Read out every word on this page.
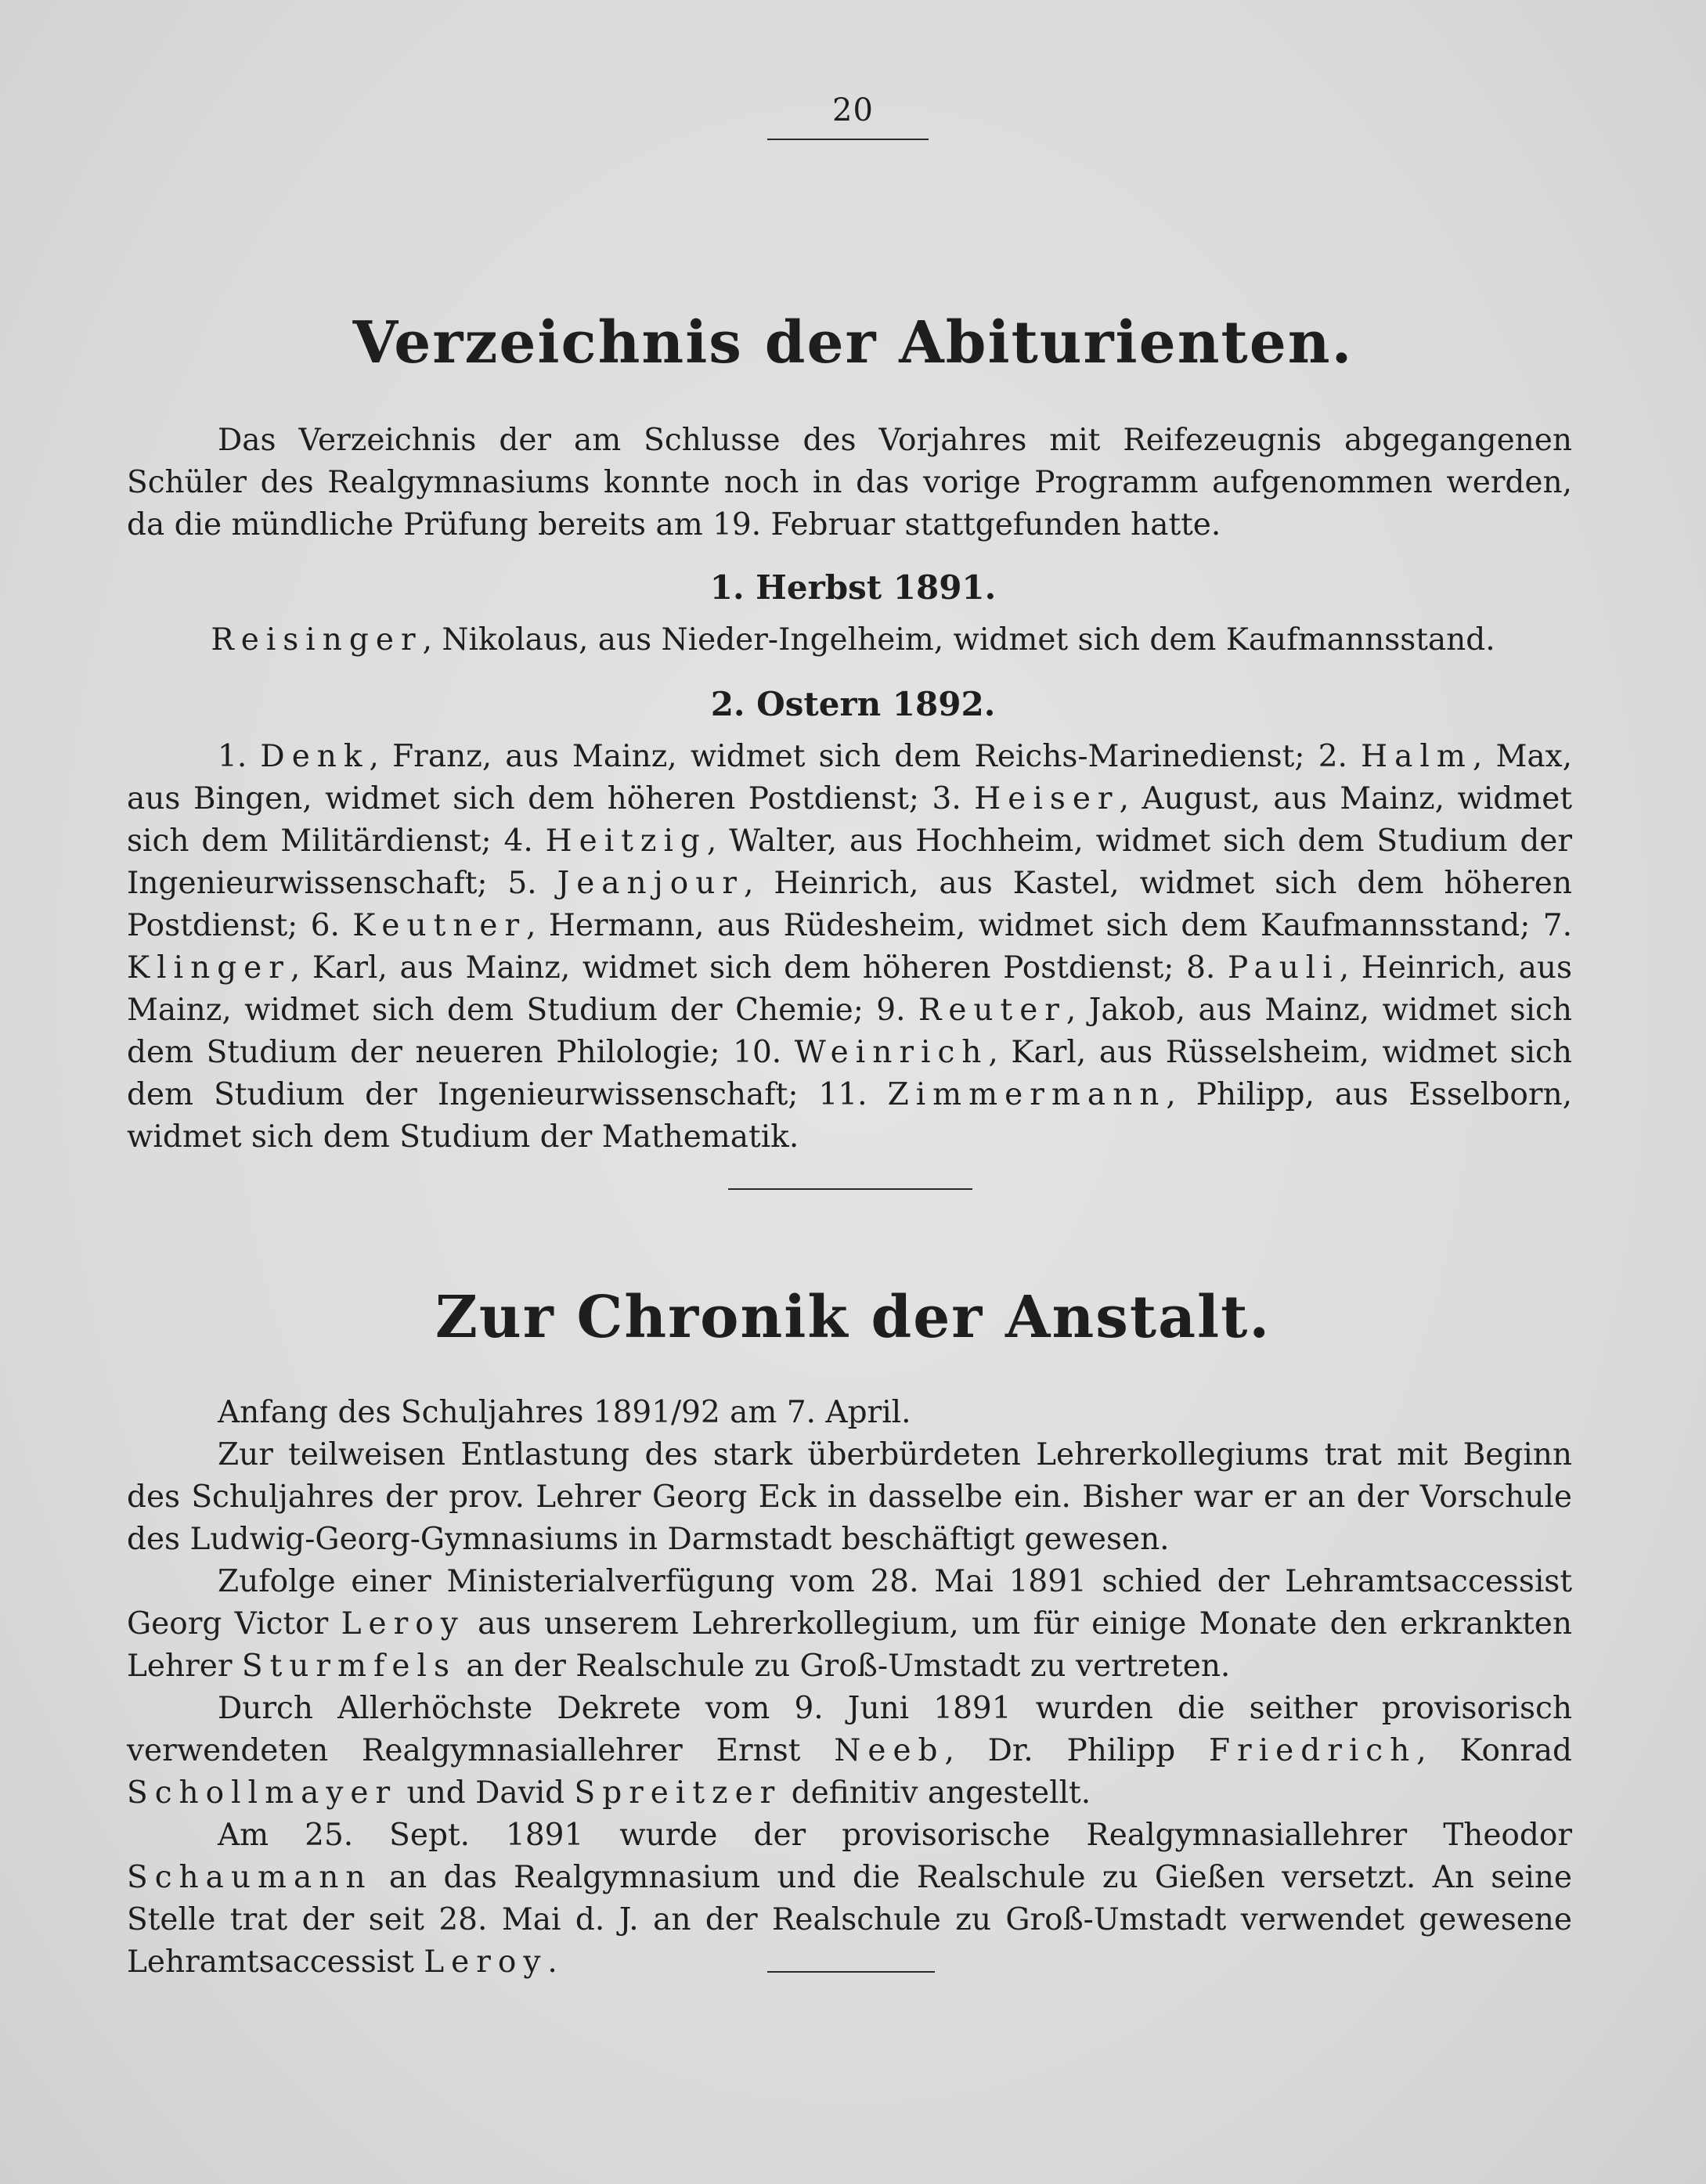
20
Verzeichnis der Abiturienten.

Das Verzeichnis der am Schlusse des Vorjahres mit Reifezeugnis abgegangenen Schüler des Realgymnasiums konnte noch in das vorige Programm aufgenommen werden, da die mündliche Prüfung bereits am 19. Februar stattgefunden hatte.

1. Herbst 1891.
Reisinger, Nikolaus, aus Nieder-Ingelheim, widmet sich dem Kaufmannsstand.
2. Ostern 1892.

1. Denk, Franz, aus Mainz, widmet sich dem Reichs-Marinedienst; 2. Halm, Max, aus Bingen, widmet sich dem höheren Postdienst; 3. Heiser, August, aus Mainz, widmet sich dem Militärdienst; 4. Heitzig, Walter, aus Hochheim, widmet sich dem Studium der Ingenieurwissenschaft; 5. Jeanjour, Heinrich, aus Kastel, widmet sich dem höheren Postdienst; 6. Keutner, Hermann, aus Rüdesheim, widmet sich dem Kaufmannsstand; 7. Klinger, Karl, aus Mainz, widmet sich dem höheren Postdienst; 8. Pauli, Heinrich, aus Mainz, widmet sich dem Studium der Chemie; 9. Reuter, Jakob, aus Mainz, widmet sich dem Studium der neueren Philologie; 10. Weinrich, Karl, aus Rüsselsheim, widmet sich dem Studium der Ingenieurwissenschaft; 11. Zimmermann, Philipp, aus Esselborn, widmet sich dem Studium der Mathematik.

Zur Chronik der Anstalt.

Anfang des Schuljahres 1891/92 am 7. April.

Zur teilweisen Entlastung des stark überbürdeten Lehrerkollegiums trat mit Beginn des Schuljahres der prov. Lehrer Georg Eck in dasselbe ein. Bisher war er an der Vorschule des Ludwig-Georg-Gymnasiums in Darmstadt beschäftigt gewesen.

Zufolge einer Ministerialverfügung vom 28. Mai 1891 schied der Lehramtsaccessist Georg Victor Leroy aus unserem Lehrerkollegium, um für einige Monate den erkrankten Lehrer Sturmfels an der Realschule zu Groß-Umstadt zu vertreten.

Durch Allerhöchste Dekrete vom 9. Juni 1891 wurden die seither provisorisch verwendeten Realgymnasiallehrer Ernst Neeb, Dr. Philipp Friedrich, Konrad Schollmayer und David Spreitzer definitiv angestellt.

Am 25. Sept. 1891 wurde der provisorische Realgymnasiallehrer Theodor Schaumann an das Realgymnasium und die Realschule zu Gießen versetzt. An seine Stelle trat der seit 28. Mai d. J. an der Realschule zu Groß-Umstadt verwendet gewesene Lehramtsaccessist Leroy.
